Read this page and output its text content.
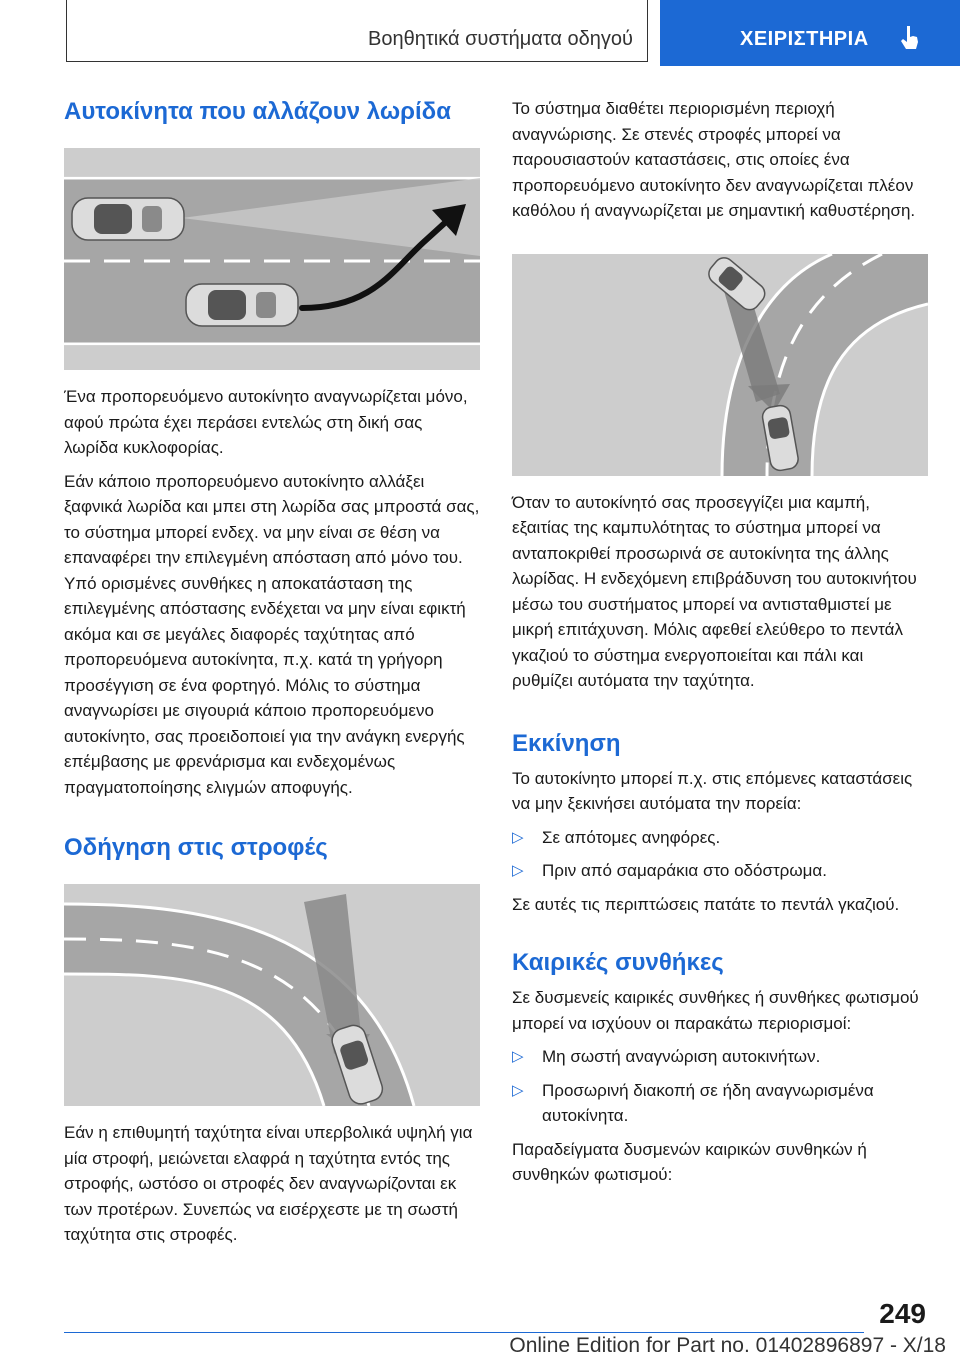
Βοηθητικά συστήματα οδηγού	ΧΕΙΡΙΣΤΗΡΙΑ
Αυτοκίνητα που αλλάζουν λωρίδα

Ένα προπορευόμενο αυτοκίνητο αναγνωρίζεται μόνο, αφού πρώτα έχει περάσει εντελώς στη δική σας λωρίδα κυκλοφορίας.

Εάν κάποιο προπορευόμενο αυτοκίνητο αλλάξει ξαφνικά λωρίδα και μπει στη λωρίδα σας μπροστά σας, το σύστημα μπορεί ενδεχ. να μην είναι σε θέση να επαναφέρει την επιλεγμένη απόσταση από μόνο του. Υπό ορισμένες συνθήκες η αποκατάσταση της επιλεγμένης απόστασης ενδέχεται να μην είναι εφικτή ακόμα και σε μεγάλες διαφορές ταχύτητας από προπορευόμενα αυτοκίνητα, π.χ. κατά τη γρήγορη προσέγγιση σε ένα φορτηγό. Μόλις το σύστημα αναγνωρίσει με σιγουριά κάποιο προπορευόμενο αυτοκίνητο, σας προειδοποιεί για την ανάγκη ενεργής επέμβασης με φρενάρισμα και ενδεχομένως πραγματοποίησης ελιγμών αποφυγής.

Οδήγηση στις στροφές

Εάν η επιθυμητή ταχύτητα είναι υπερβολικά υψηλή για μία στροφή, μειώνεται ελαφρά η ταχύτητα εντός της στροφής, ωστόσο οι στροφές δεν αναγνωρίζονται εκ των προτέρων. Συνεπώς να εισέρχεστε με τη σωστή ταχύτητα στις στροφές.

Το σύστημα διαθέτει περιορισμένη περιοχή αναγνώρισης. Σε στενές στροφές μπορεί να παρουσιαστούν καταστάσεις, στις οποίες ένα προπορευόμενο αυτοκίνητο δεν αναγνωρίζεται πλέον καθόλου ή αναγνωρίζεται με σημαντική καθυστέρηση.

Όταν το αυτοκίνητό σας προσεγγίζει μια καμπή, εξαιτίας της καμπυλότητας το σύστημα μπορεί να ανταποκριθεί προσωρινά σε αυτοκίνητα της άλλης λωρίδας. Η ενδεχόμενη επιβράδυνση του αυτοκινήτου μέσω του συστήματος μπορεί να αντισταθμιστεί με μικρή επιτάχυνση. Μόλις αφεθεί ελεύθερο το πεντάλ γκαζιού το σύστημα ενεργοποιείται και πάλι και ρυθμίζει αυτόματα την ταχύτητα.

Εκκίνηση

Το αυτοκίνητο μπορεί π.χ. στις επόμενες καταστάσεις να μην ξεκινήσει αυτόματα την πορεία:

▷ Σε απότομες ανηφόρες.
▷ Πριν από σαμαράκια στο οδόστρωμα.

Σε αυτές τις περιπτώσεις πατάτε το πεντάλ γκαζιού.

Καιρικές συνθήκες

Σε δυσμενείς καιρικές συνθήκες ή συνθήκες φωτισμού μπορεί να ισχύουν οι παρακάτω περιορισμοί:

▷ Μη σωστή αναγνώριση αυτοκινήτων.
▷ Προσωρινή διακοπή σε ήδη αναγνωρισμένα αυτοκίνητα.

Παραδείγματα δυσμενών καιρικών συνθηκών ή συνθηκών φωτισμού:

249
Online Edition for Part no. 01402896897 - X/18
